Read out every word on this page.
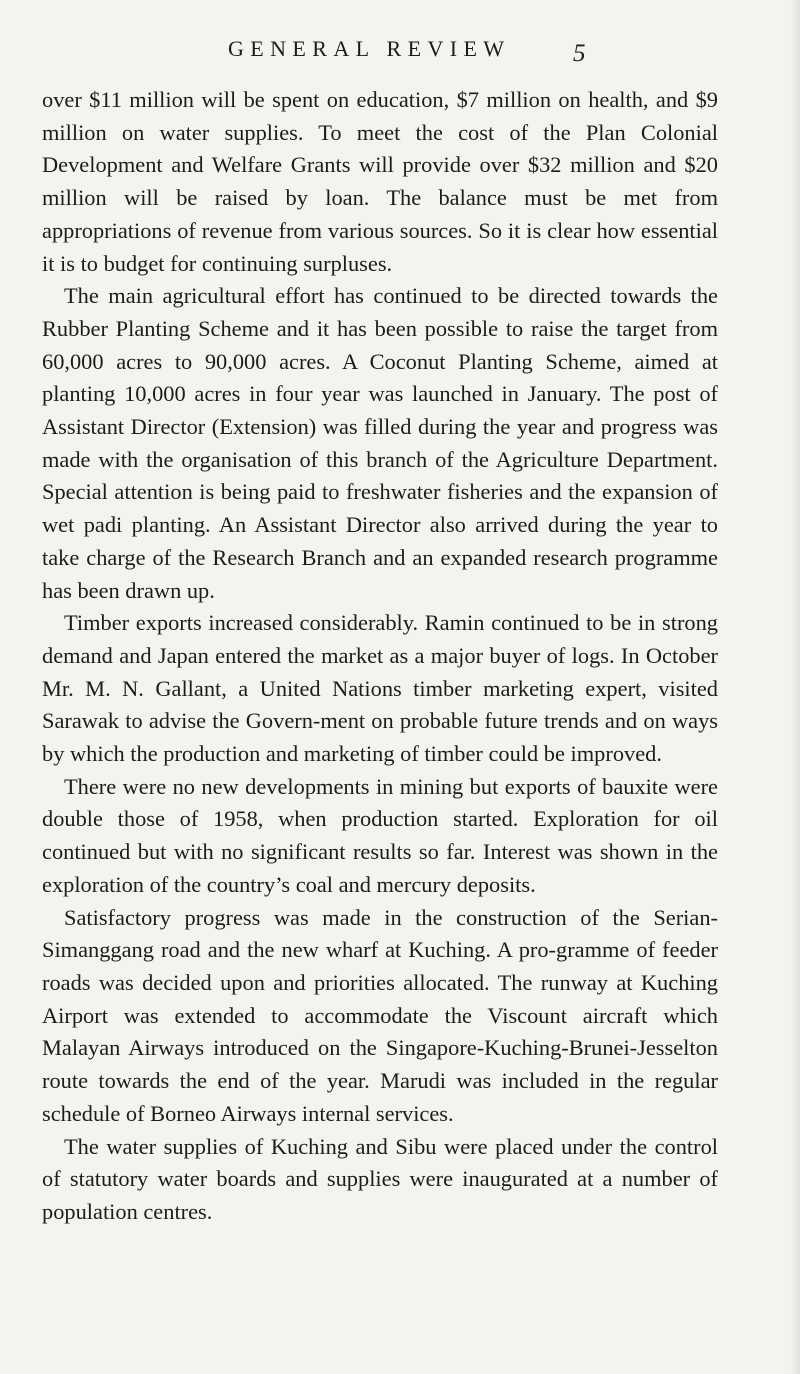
GENERAL REVIEW	5

over $11 million will be spent on education, $7 million on health, and $9 million on water supplies. To meet the cost of the Plan Colonial Development and Welfare Grants will provide over $32 million and $20 million will be raised by loan. The balance must be met from appropriations of revenue from various sources. So it is clear how essential it is to budget for continuing surpluses.

The main agricultural effort has continued to be directed towards the Rubber Planting Scheme and it has been possible to raise the target from 60,000 acres to 90,000 acres. A Coconut Planting Scheme, aimed at planting 10,000 acres in four year was launched in January. The post of Assistant Director (Extension) was filled during the year and progress was made with the organisation of this branch of the Agriculture Department. Special attention is being paid to freshwater fisheries and the expansion of wet padi planting. An Assistant Director also arrived during the year to take charge of the Research Branch and an expanded research programme has been drawn up.

Timber exports increased considerably. Ramin continued to be in strong demand and Japan entered the market as a major buyer of logs. In October Mr. M. N. Gallant, a United Nations timber marketing expert, visited Sarawak to advise the Govern-ment on probable future trends and on ways by which the production and marketing of timber could be improved.

There were no new developments in mining but exports of bauxite were double those of 1958, when production started. Exploration for oil continued but with no significant results so far. Interest was shown in the exploration of the country’s coal and mercury deposits.

Satisfactory progress was made in the construction of the Serian-Simanggang road and the new wharf at Kuching. A pro-gramme of feeder roads was decided upon and priorities allocated. The runway at Kuching Airport was extended to accommodate the Viscount aircraft which Malayan Airways introduced on the Singapore-Kuching-Brunei-Jesselton route towards the end of the year. Marudi was included in the regular schedule of Borneo Airways internal services.

The water supplies of Kuching and Sibu were placed under the control of statutory water boards and supplies were inaugurated at a number of population centres.
